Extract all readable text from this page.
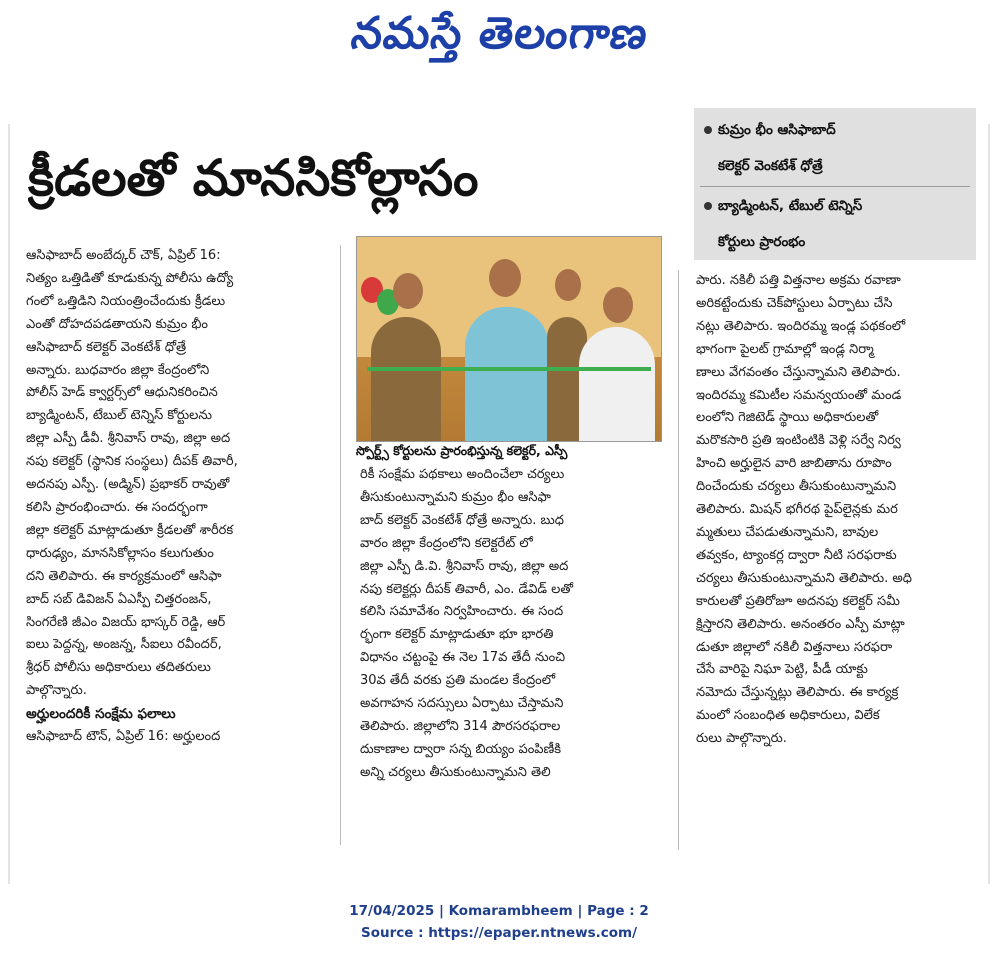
నమస్తే తెలంగాణ
క్రీడలతో మానసికోల్లాసం
కుమ్రం భీం ఆసిఫాబాద్
కలెక్టర్ వెంకటేశ్ ధోత్రే
బ్యాడ్మింటన్, టేబుల్ టెన్నిస్
కోర్టులు ప్రారంభం

ఆసిఫాబాద్ అంబేద్కర్ చౌక్, ఏప్రిల్ 16:

నిత్యం ఒత్తిడితో కూడుకున్న పోలీసు ఉద్యో

గంలో ఒత్తిడిని నియంత్రించేందుకు క్రీడలు

ఎంతో దోహదపడతాయని కుమ్రం భీం

ఆసిఫాబాద్ కలెక్టర్ వెంకటేశ్ ధోత్రే

అన్నారు. బుధవారం జిల్లా కేంద్రంలోని

పోలీస్ హెడ్ క్వార్టర్స్‌లో ఆధునికరించిన

బ్యాడ్మింటన్, టేబుల్ టెన్నిస్ కోర్టులను

జిల్లా ఎస్పీ డీవీ. శ్రీనివాస్ రావు, జిల్లా అద

నపు కలెక్టర్ (స్థానిక సంస్థలు) దీపక్ తివారీ,

అదనపు ఎస్పీ. (అడ్మిన్) ప్రభాకర్ రావుతో

కలిసి ప్రారంభించారు. ఈ సందర్భంగా

జిల్లా కలెక్టర్ మాట్లాడుతూ క్రీడలతో శారీరక

ధారుఢ్యం, మానసికోల్లాసం కలుగుతుం

దని తెలిపారు. ఈ కార్యక్రమంలో ఆసిఫా

బాద్ సబ్ డివిజన్ ఏఎస్పీ చిత్తరంజన్,

సింగరేణి జీఎం విజయ్ భాస్కర్ రెడ్డి, ఆర్

ఐలు పెద్దన్న, అంజన్న, సీఐలు రవీందర్,

శ్రీధర్ పోలీసు అధికారులు తదితరులు

పాల్గొన్నారు.

అర్హులందరికీ సంక్షేమ ఫలాలు

ఆసిఫాబాద్ టౌన్, ఏప్రిల్ 16: అర్హులంద

స్పోర్ట్స్ కోర్టులను ప్రారంభిస్తున్న కలెక్టర్, ఎస్పీ

రికీ సంక్షేమ పథకాలు అందించేలా చర్యలు

తీసుకుంటున్నామని కుమ్రం భీం ఆసిఫా

బాద్ కలెక్టర్ వెంకటేశ్ ధోత్రే అన్నారు. బుధ

వారం జిల్లా కేంద్రంలోని కలెక్టరేట్ లో

జిల్లా ఎస్పీ డి.వి. శ్రీనివాస్ రావు, జిల్లా అద

నపు కలెక్టర్లు దీపక్ తివారీ, ఎం. డేవిడ్ లతో

కలిసి సమావేశం నిర్వహించారు. ఈ సంద

ర్భంగా కలెక్టర్ మాట్లాడుతూ భూ భారతి

విధానం చట్టంపై ఈ నెల 17వ తేదీ నుంచి

30వ తేదీ వరకు ప్రతి మండల కేంద్రంలో

అవగాహన సదస్సులు ఏర్పాటు చేస్తామని

తెలిపారు. జిల్లాలోని 314 పౌరసరఫరాల

దుకాణాల ద్వారా సన్న బియ్యం పంపిణీకి

అన్ని చర్యలు తీసుకుంటున్నామని తెలి

పారు. నకిలీ పత్తి విత్తనాల అక్రమ రవాణా

అరికట్టేందుకు చెక్‌పోస్టులు ఏర్పాటు చేసి

నట్లు తెలిపారు. ఇందిరమ్మ ఇండ్ల పథకంలో

భాగంగా పైలట్ గ్రామాల్లో ఇండ్ల నిర్మా

ణాలు వేగవంతం చేస్తున్నామని తెలిపారు.

ఇందిరమ్మ కమిటీల సమన్వయంతో మండ

లంలోని గెజిటెడ్ స్థాయి అధికారులతో

మరొకసారి ప్రతి ఇంటింటికి వెళ్లి సర్వే నిర్వ

హించి అర్హులైన వారి జాబితాను రూపొం

దించేందుకు చర్యలు తీసుకుంటున్నామని

తెలిపారు. మిషన్ భగీరథ పైప్‌లైన్లకు మర

మ్మతులు చేపడుతున్నామని, బావుల

తవ్వకం, ట్యాంకర్ల ద్వారా నీటి సరఫరాకు

చర్యలు తీసుకుంటున్నామని తెలిపారు. అధి

కారులతో ప్రతిరోజూ అదనపు కలెక్టర్ సమీ

క్షిస్తారని తెలిపారు. అనంతరం ఎస్పీ మాట్లా

డుతూ జిల్లాలో నకిలీ విత్తనాలు సరఫరా

చేసే వారిపై నిఘా పెట్టి, పీడీ యాక్టు

నమోదు చేస్తున్నట్లు తెలిపారు. ఈ కార్యక్ర

మంలో సంబంధిత అధికారులు, విలేక

రులు పాల్గొన్నారు.

17/04/2025 | Komarambheem | Page : 2
Source : https://epaper.ntnews.com/
